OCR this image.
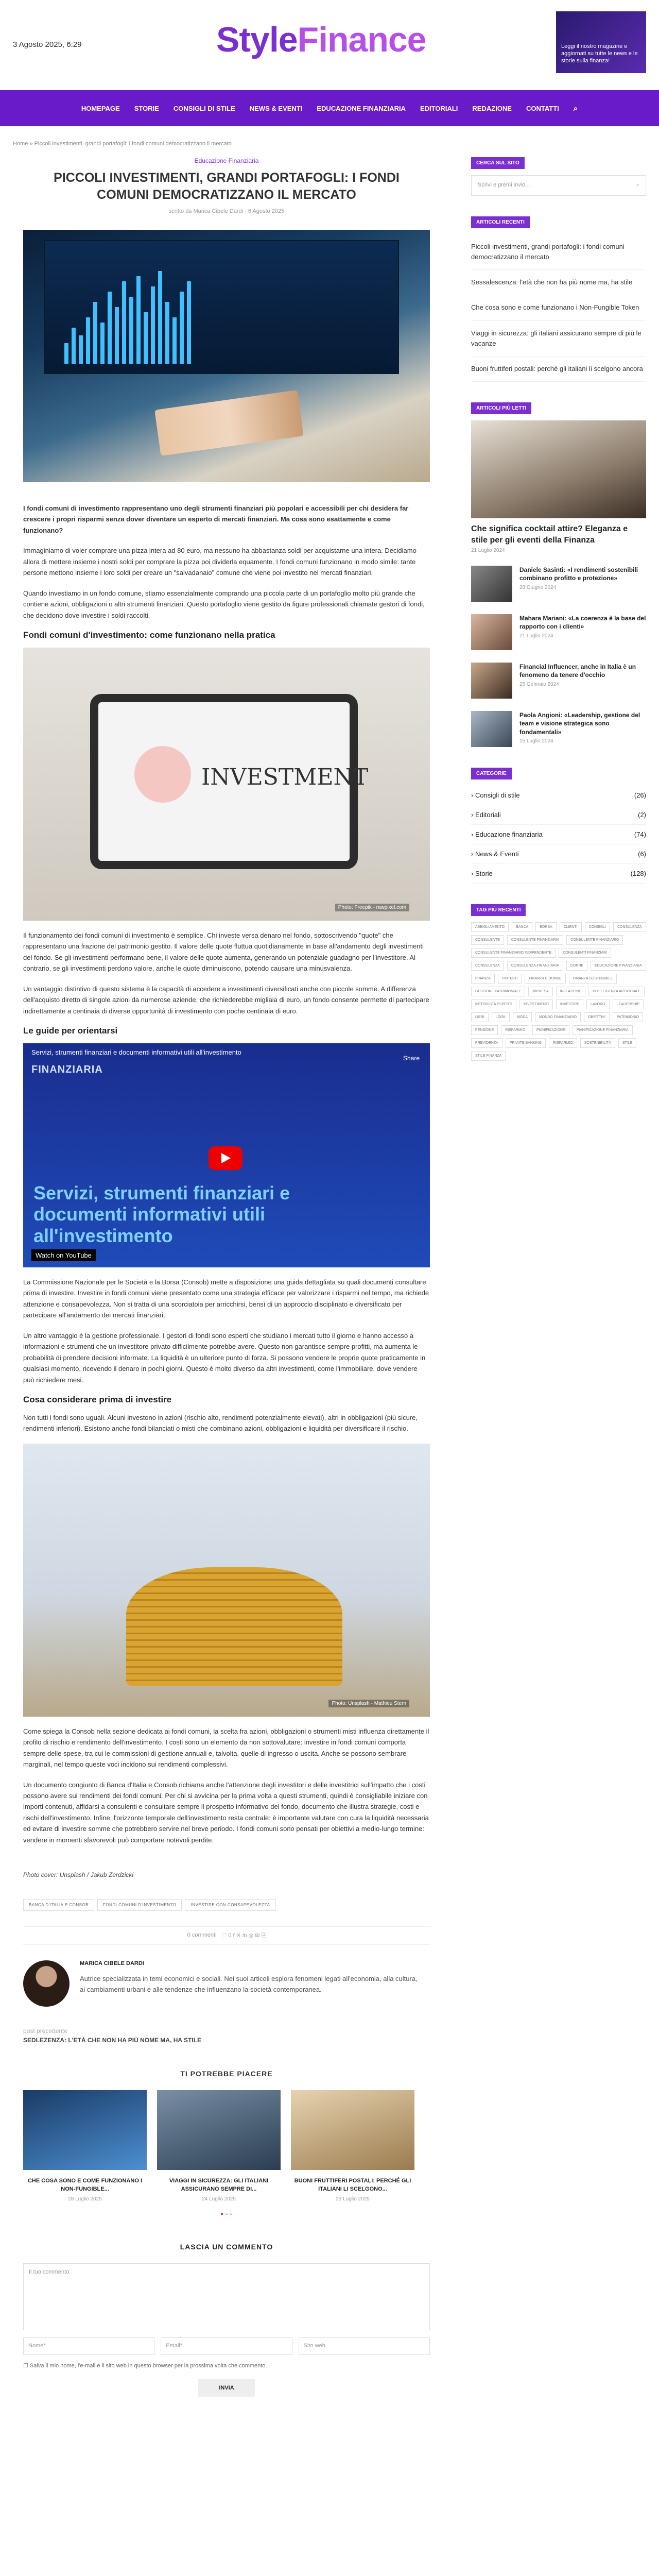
3 Agosto 2025, 6:29	StyleFinance	Leggi il nostro magazine e aggiornati su tutte le news e le storie sulla finanza!
HOMEPAGE	STORIE	CONSIGLI DI STILE	NEWS & EVENTI	EDUCAZIONE FINANZIARIA	EDITORIALI	REDAZIONE	CONTATTI	⌕
Home » Piccoli investimenti, grandi portafogli: i fondi comuni democratizzano il mercato
Educazione Finanziaria
PICCOLI INVESTIMENTI, GRANDI PORTAFOGLI: I FONDI COMUNI DEMOCRATIZZANO IL MERCATO
scritto da Marica Cibele Dardi · 6 Agosto 2025

I fondi comuni di investimento rappresentano uno degli strumenti finanziari più popolari e accessibili per chi desidera far crescere i propri risparmi senza dover diventare un esperto di mercati finanziari. Ma cosa sono esattamente e come funzionano?

Immaginiamo di voler comprare una pizza intera ad 80 euro, ma nessuno ha abbastanza soldi per acquistarne una intera. Decidiamo allora di mettere insieme i nostri soldi per comprare la pizza poi dividerla equamente. I fondi comuni funzionano in modo simile: tante persone mettono insieme i loro soldi per creare un "salvadanaio" comune che viene poi investito nei mercati finanziari.

Quando investiamo in un fondo comune, stiamo essenzialmente comprando una piccola parte di un portafoglio molto più grande che contiene azioni, obbligazioni o altri strumenti finanziari. Questo portafoglio viene gestito da figure professionali chiamate gestori di fondi, che decidono dove investire i soldi raccolti.

Fondi comuni d'investimento: come funzionano nella pratica
INVESTMENT
Photo: Freepik - rawpixel.com

Il funzionamento dei fondi comuni di investimento è semplice. Chi investe versa denaro nel fondo, sottoscrivendo "quote" che rappresentano una frazione del patrimonio gestito. Il valore delle quote fluttua quotidianamente in base all'andamento degli investimenti del fondo. Se gli investimenti performano bene, il valore delle quote aumenta, generando un potenziale guadagno per l'investitore. Al contrario, se gli investimenti perdono valore, anche le quote diminuiscono, potendo causare una minusvalenza.

Un vantaggio distintivo di questo sistema è la capacità di accedere a investimenti diversificati anche con piccole somme. A differenza dell'acquisto diretto di singole azioni da numerose aziende, che richiederebbe migliaia di euro, un fondo consente permette di partecipare indirettamente a centinaia di diverse opportunità di investimento con poche centinaia di euro.

Le guide per orientarsi
Servizi, strumenti finanziari e documenti informativi utili all'investimento
FINANZIARIA
Share
Servizi, strumenti finanziari e documenti informativi utili all'investimento
Watch on YouTube

La Commissione Nazionale per le Società e la Borsa (Consob) mette a disposizione una guida dettagliata su quali documenti consultare prima di investire. Investire in fondi comuni viene presentato come una strategia efficace per valorizzare i risparmi nel tempo, ma richiede attenzione e consapevolezza. Non si tratta di una scorciatoia per arricchirsi, bensì di un approccio disciplinato e diversificato per partecipare all'andamento dei mercati finanziari.

Un altro vantaggio è la gestione professionale. I gestori di fondi sono esperti che studiano i mercati tutto il giorno e hanno accesso a informazioni e strumenti che un investitore privato difficilmente potrebbe avere. Questo non garantisce sempre profitti, ma aumenta le probabilità di prendere decisioni informate. La liquidità è un ulteriore punto di forza. Si possono vendere le proprie quote praticamente in qualsiasi momento, ricevendo il denaro in pochi giorni. Questo è molto diverso da altri investimenti, come l'immobiliare, dove vendere può richiedere mesi.

Cosa considerare prima di investire

Non tutti i fondi sono uguali. Alcuni investono in azioni (rischio alto, rendimenti potenzialmente elevati), altri in obbligazioni (più sicure, rendimenti inferiori). Esistono anche fondi bilanciati o misti che combinano azioni, obbligazioni e liquidità per diversificare il rischio.

Photo: Unsplash - Mathieu Stern

Come spiega la Consob nella sezione dedicata ai fondi comuni, la scelta fra azioni, obbligazioni o strumenti misti influenza direttamente il profilo di rischio e rendimento dell'investimento. I costi sono un elemento da non sottovalutare: investire in fondi comuni comporta sempre delle spese, tra cui le commissioni di gestione annuali e, talvolta, quelle di ingresso o uscita. Anche se possono sembrare marginali, nel tempo queste voci incidono sui rendimenti complessivi.

Un documento congiunto di Banca d'Italia e Consob richiama anche l'attenzione degli investitori e delle investitrici sull'impatto che i costi possono avere sui rendimenti dei fondi comuni. Per chi si avvicina per la prima volta a questi strumenti, quindi è consigliabile iniziare con importi contenuti, affidarsi a consulenti e consultare sempre il prospetto informativo del fondo, documento che illustra strategie, costi e rischi dell'investimento. Infine, l'orizzonte temporale dell'investimento resta centrale: è importante valutare con cura la liquidità necessaria ed evitare di investire somme che potrebbero servire nel breve periodo. I fondi comuni sono pensati per obiettivi a medio-lungo termine: vendere in momenti sfavorevoli può comportare notevoli perdite.

Photo cover: Unsplash / Jakub Żerdzicki
BANCA D'ITALIA E CONSOB	FONDI COMUNI D'INVESTIMENTO	INVESTIRE CON CONSAPEVOLEZZA
0 commenti ♡ 0 f ✕ in ◎ ✉ ⎘
MARICA CIBELE DARDI
Autrice specializzata in temi economici e sociali. Nei suoi articoli esplora fenomeni legati all'economia, alla cultura, ai cambiamenti urbani e alle tendenze che influenzano la società contemporanea.
post precedente
SEDLEZENZA: L'ETÀ CHE NON HA PIÙ NOME MA, HA STILE
TI POTREBBE PIACERE
CHE COSA SONO E COME FUNZIONANO I NON-FUNGIBLE...
28 Luglio 2025
VIAGGI IN SICUREZZA: GLI ITALIANI ASSICURANO SEMPRE DI...
24 Luglio 2025
BUONI FRUTTIFERI POSTALI: PERCHÉ GLI ITALIANI LI SCELGONO...
23 Luglio 2025
● ○ ○
LASCIA UN COMMENTO
Il tuo commento
Nome*	Email*	Sito web
☐ Salva il mio nome, l'e-mail e il sito web in questo browser per la prossima volta che commento.
INVIA
CERCA SUL SITO
Scrivi e premi invio...	⌕
ARTICOLI RECENTI
Piccoli investimenti, grandi portafogli: i fondi comuni democratizzano il mercato
Sessalescenza: l'età che non ha più nome ma, ha stile
Che cosa sono e come funzionano i Non-Fungible Token
Viaggi in sicurezza: gli italiani assicurano sempre di più le vacanze
Buoni fruttiferi postali: perché gli italiani li scelgono ancora
ARTICOLI PIÙ LETTI
Che significa cocktail attire? Eleganza e stile per gli eventi della Finanza
21 Luglio 2024
Daniele Sasinti: «I rendimenti sostenibili combinano profitto e protezione»
28 Giugno 2024
Mahara Mariani: «La coerenza è la base del rapporto con i clienti»
21 Luglio 2024
Financial Influencer, anche in Italia è un fenomeno da tenere d'occhio
25 Gennaio 2024
Paola Angioni: «Leadership, gestione del team e visione strategica sono fondamentali»
15 Luglio 2024
CATEGORIE
› Consigli di stile	(26)
› Editoriali	(2)
› Educazione finanziaria	(74)
› News & Eventi	(6)
› Storie	(128)
TAG PIÙ RECENTI
ABBIGLIAMENTO	BANCA	BORSA	CLIENTI	CONSIGLI	CONSULENZA
CONSULENTE	CONSULENTE FINANZIARIA	CONSULENTE FINANZIARIO
CONSULENTE FINANZIARIO INDIPENDENTE	CONSULENTI FINANZIARI
CONSULENZA	CONSULENZA FINANZIARIA	DONNE	EDUCAZIONE FINANZIARIA
FINANZA	FINTECH	FINANZA E DONNE	FINANZA SOSTENIBILE
GESTIONE PATRIMONIALE	IMPRESA	INFLAZIONE	INTELLIGENZA ARTIFICIALE
INTERVISTA ESPERTI	INVESTIMENTI	INVESTIRE	LAVORO	LEADERSHIP
LIBRI	LOOK	MODA	MONDO FINANZIARIO	OBIETTIVI	PATRIMONIO
PENSIONE	RISPARMIO	PIANIFICAZIONE	PIANIFICAZIONE FINANZIARIA
PREVIDENZA	PRIVATE BANKING	RISPARMIO	SOSTENIBILITÀ	STILE
STILE FINANZA
